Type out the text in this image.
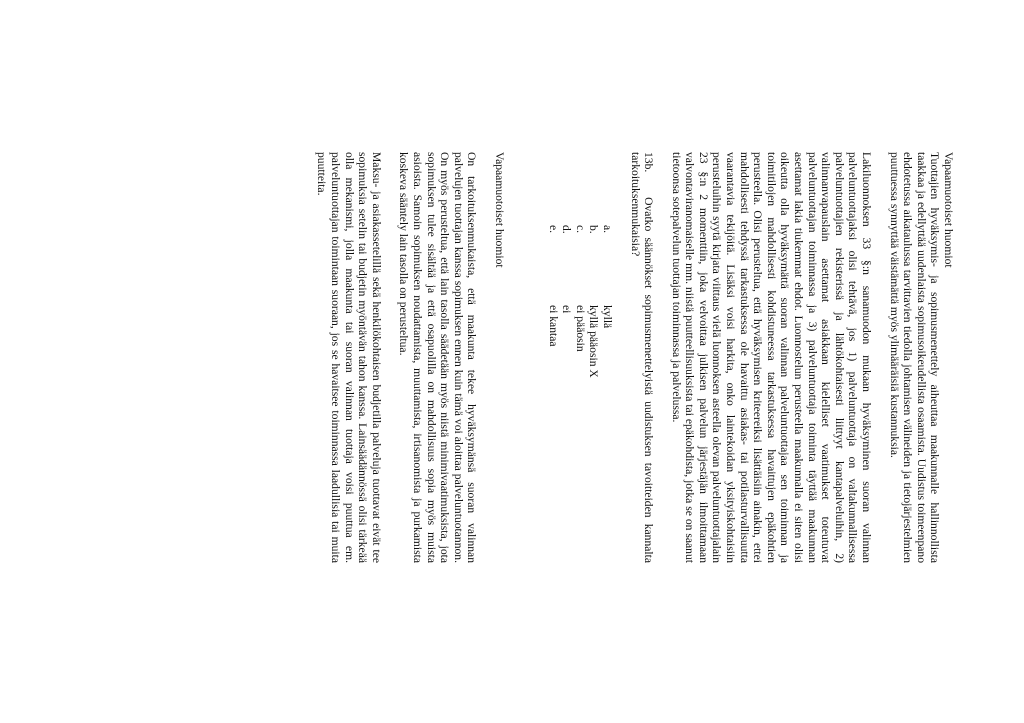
Vapaamuotoiset huomiot

Tuottajien hyväksymis- ja sopimusmenettely aiheuttaa maakunnalle hallinnollista taakkaa ja edellyttää uudenlaista sopimusoikeudellista osaamista. Uudistus toimeenpano ehdotetussa aikataulussa tarvittavien tiedolla johtamisen välineiden ja tietojärjestelmien puuttuessa synnyttää väistämättä myös ylimääräisiä kustannuksia.

Lakiluonnoksen 33 §:n sanamuodon mukaan hyväksyminen suoran valinnan palveluntuottajaksi olisi tehtävä, jos 1) palveluntuottaja on valtakunnallisessa palveluntuottajien rekisterissä ja lähtökohtaisesti liittyyt kantapalveluihin, 2) valinnanvapauslain asettamat asiakkaan kielelliset vaatimukset toteutuvat palveluntuottajan toiminnassa ja 3) palveluntuottaja toiminta täyttää maakunnan asettamat lakia tiukemmat ehdot. Luonnostelun perusteella maakunnalla ei siten olisi oikeutta olla hyväksymättä suoran valinnan palveluntuottajaa sen toiminnan ja toimitilojen mahdollisesti kohdistuneessa tarkastuksessa havaittujen epäkohtien perusteella. Olisi perusteltua, että hyväksymisen kriteereiksi lisättäisiin ainakin, ettei mahdollisesti tehdyssä tarkastuksessa ole havaittu asiakas- tai potilasturvallisuutta vaarantavia tekijöitä. Lisäksi voisi harkita, onko laintekoidan yksityiskohtaisiin perusteluihin syytä kirjata viittaus vielä luonnoksen asteella olevan palveluntuottajalain 23 §:n 2 momenttiin, joka velvoittaa julkisen palvelun järjestäjän ilmoittamaan valvontaviranomaiselle mm. niistä puutteellisuuksista tai epäkohdista, jotka se on saanut tietoonsa sotepalvelun tuottajan toiminnassa ja palvelussa.

13b.    Ovatko säännökset sopimusmenettelyistä uudistuksen tavoitteiden kannalta tarkoituksenmukaisia?

a.
kyllä
b.
kyllä pääosin X
c.
ei pääosin
d.
ei
e.
ei kantaa

Vapaamuotoiset huomiot

On tarkoituksenmukaista, että maakunta tekee hyväksymänsä suoran valinnan palvelujen tuottajan kanssa sopimuksen ennen kuin tämä voi aloittaa palveluntuotannon. On myös perusteltua, että lain tasolla säädetään myös niistä minimivaatimuksista, jota sopimuksen tulee sisältää ja että osapuolilla on mahdollisuus sopia myös muista asioista. Samoin sopimuksen noudattamista, muuttamista, irtisanomista ja purkamista koskeva sääntely lain tasolla on perusteltua.

Maksu- ja asiakassetelillä sekä henkilökohtaisen budjetilla palveluja tuottavat eivät tee sopimuksia setelin tai budjetin myöntävän tahon kanssa. Lainsäädännössä olisi tärkeää olla mekanismi, jolla maakunta tai suoran valinnan tuottaja voisi puuttua em. palveluntuottajan toimintaan suoraan, jos se havaitsee toiminnassa laadullisia tai muita puutteita.
